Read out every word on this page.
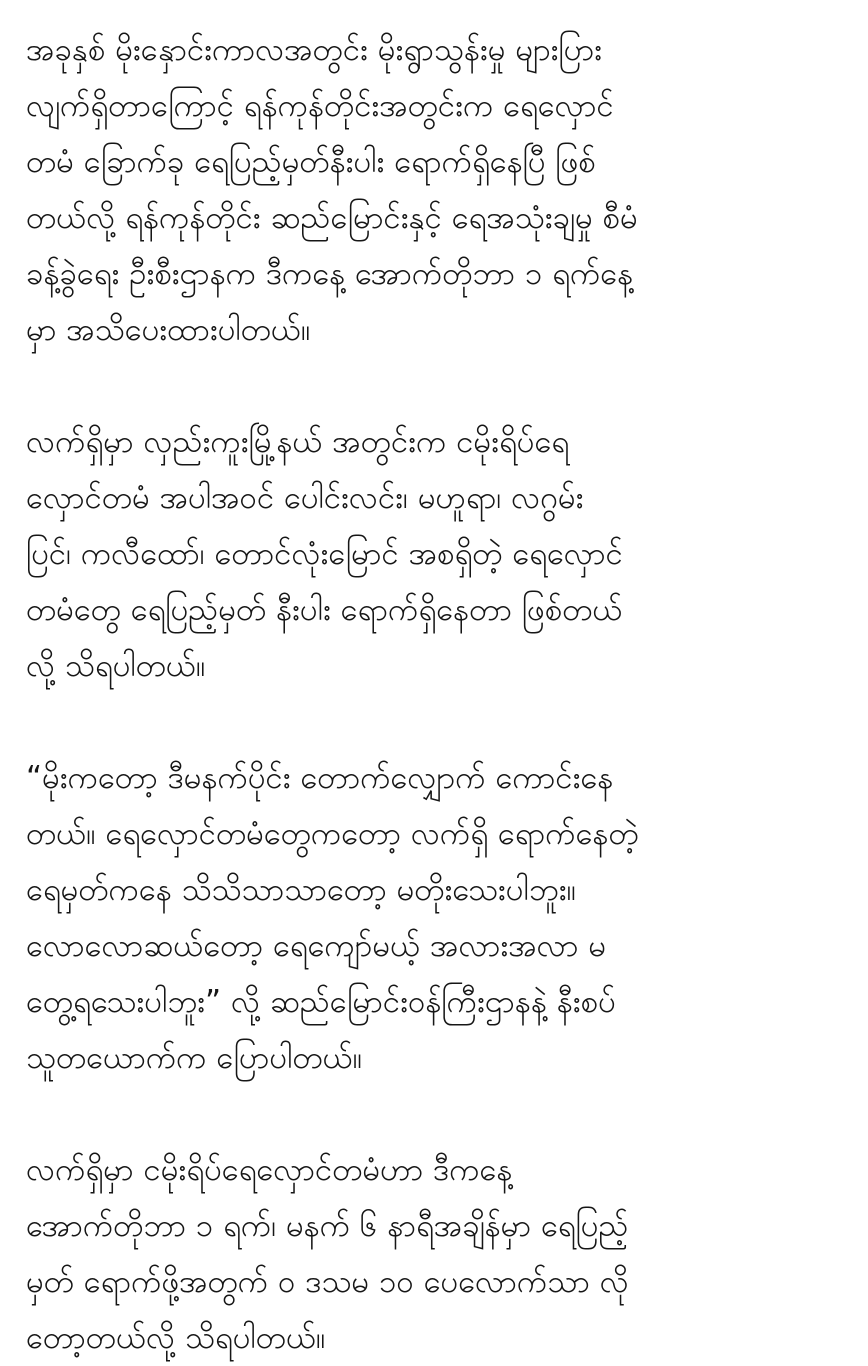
အခုနှစ် မိုးနှောင်းကာလအတွင်း မိုးရွာသွန်းမှု များပြား
လျက်ရှိတာကြောင့် ရန်ကုန်တိုင်းအတွင်းက ရေလှောင်
တမံ ခြောက်ခု ရေပြည့်မှတ်နီးပါး ရောက်ရှိနေပြီ ဖြစ်
တယ်လို့ ရန်ကုန်တိုင်း ဆည်မြောင်းနှင့် ရေအသုံးချမှု စီမံ
ခန့်ခွဲရေး ဦးစီးဌာနက ဒီကနေ့ အောက်တိုဘာ ၁ ရက်နေ့
မှာ အသိပေးထားပါတယ်။

လက်ရှိမှာ လှည်းကူးမြို့နယ် အတွင်းက ငမိုးရိပ်ရေ
လှောင်တမံ အပါအဝင် ပေါင်းလင်း၊ မဟူရာ၊ လဂွမ်း
ပြင်၊ ကလီထော်၊ တောင်လုံးမြောင် အစရှိတဲ့ ရေလှောင်
တမံတွေ ရေပြည့်မှတ် နီးပါး ရောက်ရှိနေတာ ဖြစ်တယ်
လို့ သိရပါတယ်။

“မိုးကတော့ ဒီမနက်ပိုင်း တောက်လျှောက် ကောင်းနေ
တယ်။ ရေလှောင်တမံတွေကတော့ လက်ရှိ ရောက်နေတဲ့
ရေမှတ်ကနေ သိသိသာသာတော့ မတိုးသေးပါဘူး။
လောလောဆယ်တော့ ရေကျော်မယ့် အလားအလာ မ
တွေ့ရသေးပါဘူး” လို့ ဆည်မြောင်းဝန်ကြီးဌာနနဲ့ နီးစပ်
သူတယောက်က ပြောပါတယ်။

လက်ရှိမှာ ငမိုးရိပ်ရေလှောင်တမံဟာ ဒီကနေ့
အောက်တိုဘာ ၁ ရက်၊ မနက် ၆ နာရီအချိန်မှာ ရေပြည့်
မှတ် ရောက်ဖို့အတွက် ၀ ဒသမ ၁၀ ပေလောက်သာ လို
တော့တယ်လို့ သိရပါတယ်။
